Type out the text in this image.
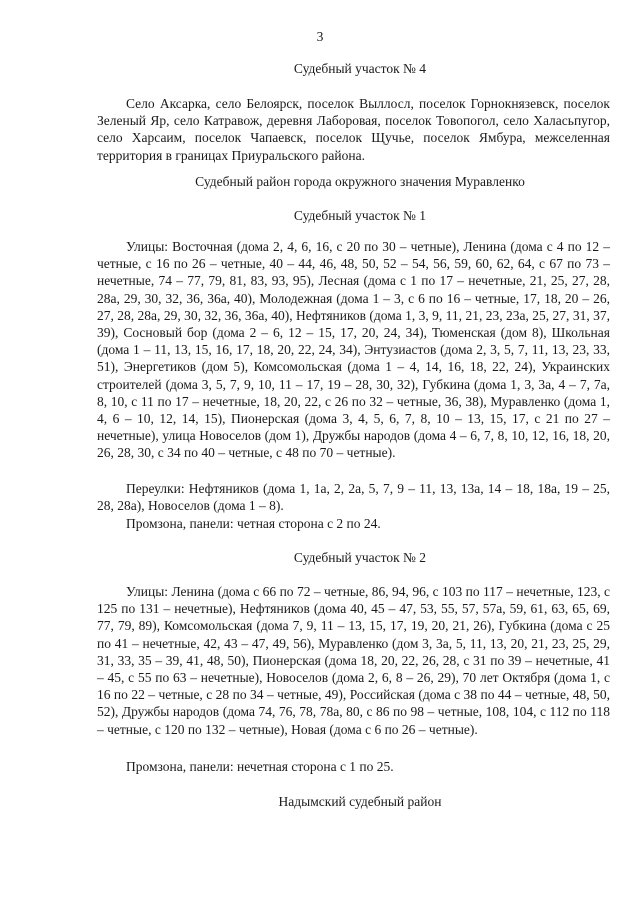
3
Судебный участок № 4

Село Аксарка, село Белоярск, поселок Выллосл, поселок Горнокнязевск, поселок Зеленый Яр, село Катравож, деревня Лаборовая, поселок Товопогол, село Халасьпугор, село Харсаим, поселок Чапаевск, поселок Щучье, поселок Ямбура, межселенная территория в границах Приуральского района.

Судебный район города окружного значения Муравленко
Судебный участок № 1

Улицы: Восточная (дома 2, 4, 6, 16, с 20 по 30 – четные), Ленина (дома с 4 по 12 – четные, с 16 по 26 – четные, 40 – 44, 46, 48, 50, 52 – 54, 56, 59, 60, 62, 64, с 67 по 73 – нечетные, 74 – 77, 79, 81, 83, 93, 95), Лесная (дома с 1 по 17 – нечетные, 21, 25, 27, 28, 28а, 29, 30, 32, 36, 36а, 40), Молодежная (дома 1 – 3, с 6 по 16 – четные, 17, 18, 20 – 26, 27, 28, 28а, 29, 30, 32, 36, 36а, 40), Нефтяников (дома 1, 3, 9, 11, 21, 23, 23а, 25, 27, 31, 37, 39), Сосновый бор (дома 2 – 6, 12 – 15, 17, 20, 24, 34), Тюменская (дом 8), Школьная (дома 1 – 11, 13, 15, 16, 17, 18, 20, 22, 24, 34), Энтузиастов (дома 2, 3, 5, 7, 11, 13, 23, 33, 51), Энергетиков (дом 5), Комсомольская (дома 1 – 4, 14, 16, 18, 22, 24), Украинских строителей (дома 3, 5, 7, 9, 10, 11 – 17, 19 – 28, 30, 32), Губкина (дома 1, 3, 3а, 4 – 7, 7а, 8, 10, с 11 по 17 – нечетные, 18, 20, 22, с 26 по 32 – четные, 36, 38), Муравленко (дома 1, 4, 6 – 10, 12, 14, 15), Пионерская (дома 3, 4, 5, 6, 7, 8, 10 – 13, 15, 17, с 21 по 27 – нечетные), улица Новоселов (дом 1), Дружбы народов (дома 4 – 6, 7, 8, 10, 12, 16, 18, 20, 26, 28, 30, с 34 по 40 – четные, с 48 по 70 – четные).

Переулки: Нефтяников (дома 1, 1а, 2, 2а, 5, 7, 9 – 11, 13, 13а, 14 – 18, 18а, 19 – 25, 28, 28а), Новоселов (дома 1 – 8).

Промзона, панели: четная сторона с 2 по 24.

Судебный участок № 2

Улицы: Ленина (дома с 66 по 72 – четные, 86, 94, 96, с 103 по 117 – нечетные, 123, с 125 по 131 – нечетные), Нефтяников (дома 40, 45 – 47, 53, 55, 57, 57а, 59, 61, 63, 65, 69, 77, 79, 89), Комсомольская (дома 7, 9, 11 – 13, 15, 17, 19, 20, 21, 26), Губкина (дома с 25 по 41 – нечетные, 42, 43 – 47, 49, 56), Муравленко (дом 3, 3а, 5, 11, 13, 20, 21, 23, 25, 29, 31, 33, 35 – 39, 41, 48, 50), Пионерская (дома 18, 20, 22, 26, 28, с 31 по 39 – нечетные, 41 – 45, с 55 по 63 – нечетные), Новоселов (дома 2, 6, 8 – 26, 29), 70 лет Октября (дома 1, с 16 по 22 – четные, с 28 по 34 – четные, 49), Российская (дома с 38 по 44 – четные, 48, 50, 52), Дружбы народов (дома 74, 76, 78, 78а, 80, с 86 по 98 – четные, 108, 104, с 112 по 118 – четные, с 120 по 132 – четные), Новая (дома с 6 по 26 – четные).

Промзона, панели: нечетная сторона с 1 по 25.

Надымский судебный район
